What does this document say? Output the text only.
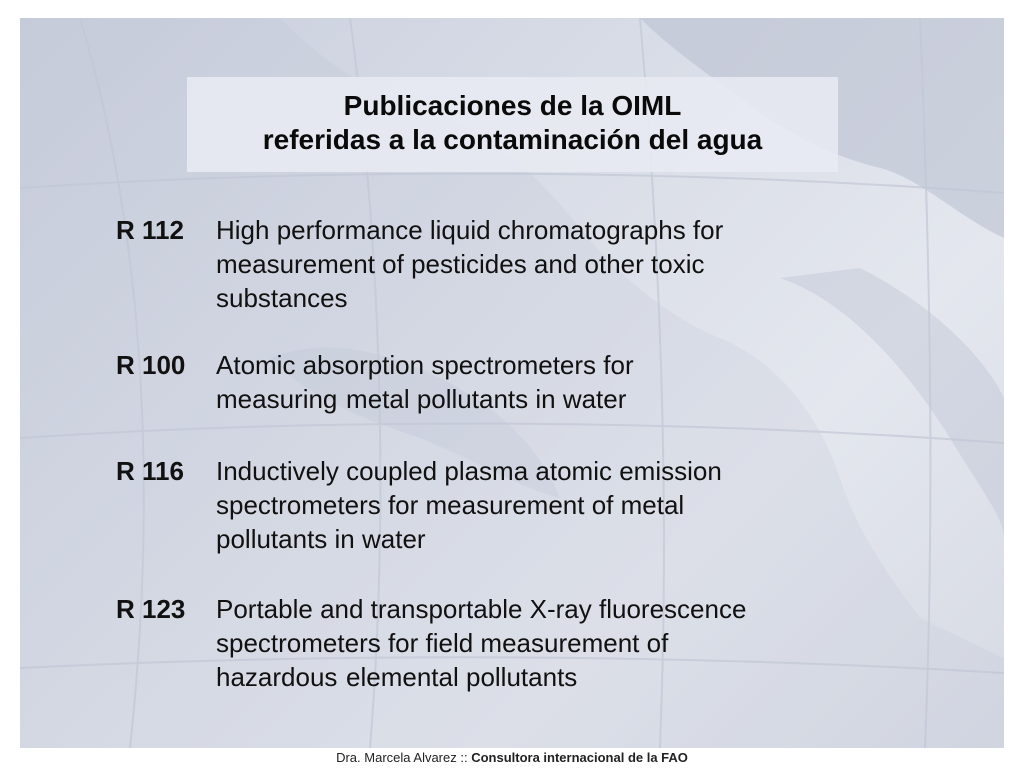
Publicaciones de la OIML
referidas a la contaminación del agua
R 112 High performance liquid chromatographs for
measurement of pesticides and other toxic
substances
R 100 Atomic absorption spectrometers for
measuring	metal pollutants in water
R 116 Inductively coupled plasma atomic emission
spectrometers for measurement of metal
pollutants in water
R 123 Portable and transportable X-ray fluorescence
spectrometers for field measurement of
hazardous	elemental pollutants
Dra. Marcela Alvarez :: Consultora internacional de la FAO
